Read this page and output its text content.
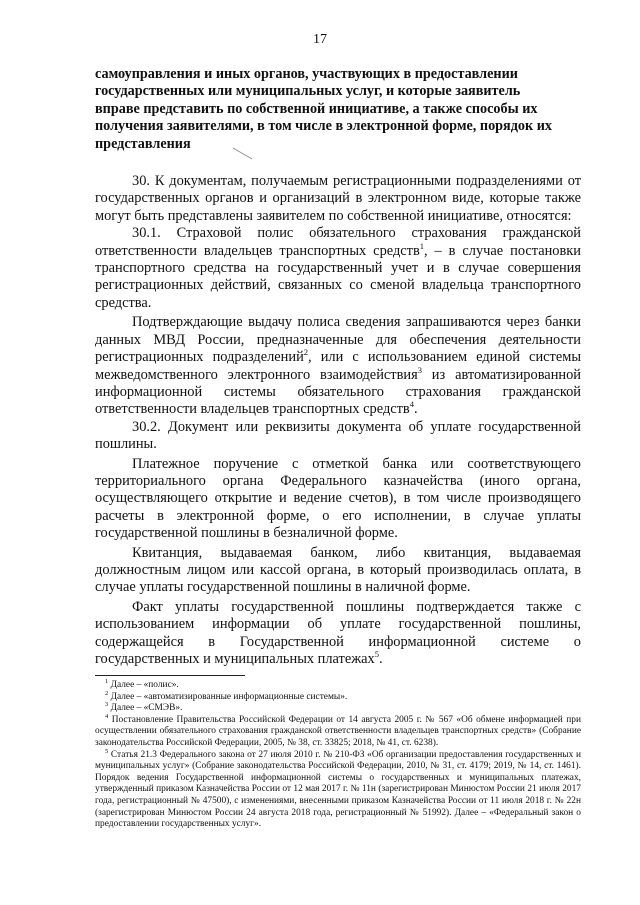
17
самоуправления и иных органов, участвующих в предоставлении
государственных или муниципальных услуг, и которые заявитель
вправе представить по собственной инициативе, а также способы их
получения заявителями, в том числе в электронной форме, порядок их
представления

30. К документам, получаемым регистрационными подразделениями от государственных органов и организаций в электронном виде, которые также могут быть представлены заявителем по собственной инициативе, относятся:

30.1. Страховой полис обязательного страхования гражданской ответственности владельцев транспортных средств$^1$, – в случае постановки транспортного средства на государственный учет и в случае совершения регистрационных действий, связанных со сменой владельца транспортного средства.

Подтверждающие выдачу полиса сведения запрашиваются через банки данных МВД России, предназначенные для обеспечения деятельности регистрационных подразделений$^2$, или с использованием единой системы межведомственного электронного взаимодействия$^3$ из автоматизированной информационной системы обязательного страхования гражданской ответственности владельцев транспортных средств$^4$.

30.2. Документ или реквизиты документа об уплате государственной пошлины.

Платежное поручение с отметкой банка или соответствующего территориального органа Федерального казначейства (иного органа, осуществляющего открытие и ведение счетов), в том числе производящего расчеты в электронной форме, о его исполнении, в случае уплаты государственной пошлины в безналичной форме.

Квитанция, выдаваемая банком, либо квитанция, выдаваемая должностным лицом или кассой органа, в который производилась оплата, в случае уплаты государственной пошлины в наличной форме.

Факт уплаты государственной пошлины подтверждается также с использованием информации об уплате государственной пошлины, содержащейся в Государственной информационной системе о государственных и муниципальных платежах$^5$.

$^1$ Далее – «полис».

$^2$ Далее – «автоматизированные информационные системы».

$^3$ Далее – «СМЭВ».

$^4$ Постановление Правительства Российской Федерации от 14 августа 2005 г. № 567 «Об обмене информацией при осуществлении обязательного страхования гражданской ответственности владельцев транспортных средств» (Собрание законодательства Российской Федерации, 2005, № 38, ст. 33825; 2018, № 41, ст. 6238).

$^5$ Статья 21.3 Федерального закона от 27 июля 2010 г. № 210-ФЗ «Об организации предоставления государственных и муниципальных услуг» (Собрание законодательства Российской Федерации, 2010, № 31, ст. 4179; 2019, № 14, ст. 1461). Порядок ведения Государственной информационной системы о государственных и муниципальных платежах, утвержденный приказом Казначейства России от 12 мая 2017 г. № 11н (зарегистрирован Минюстом России 21 июля 2017 года, регистрационный № 47500), с изменениями, внесенными приказом Казначейства России от 11 июля 2018 г. № 22н (зарегистрирован Минюстом России 24 августа 2018 года, регистрационный № 51992). Далее – «Федеральный закон о предоставлении государственных услуг».
